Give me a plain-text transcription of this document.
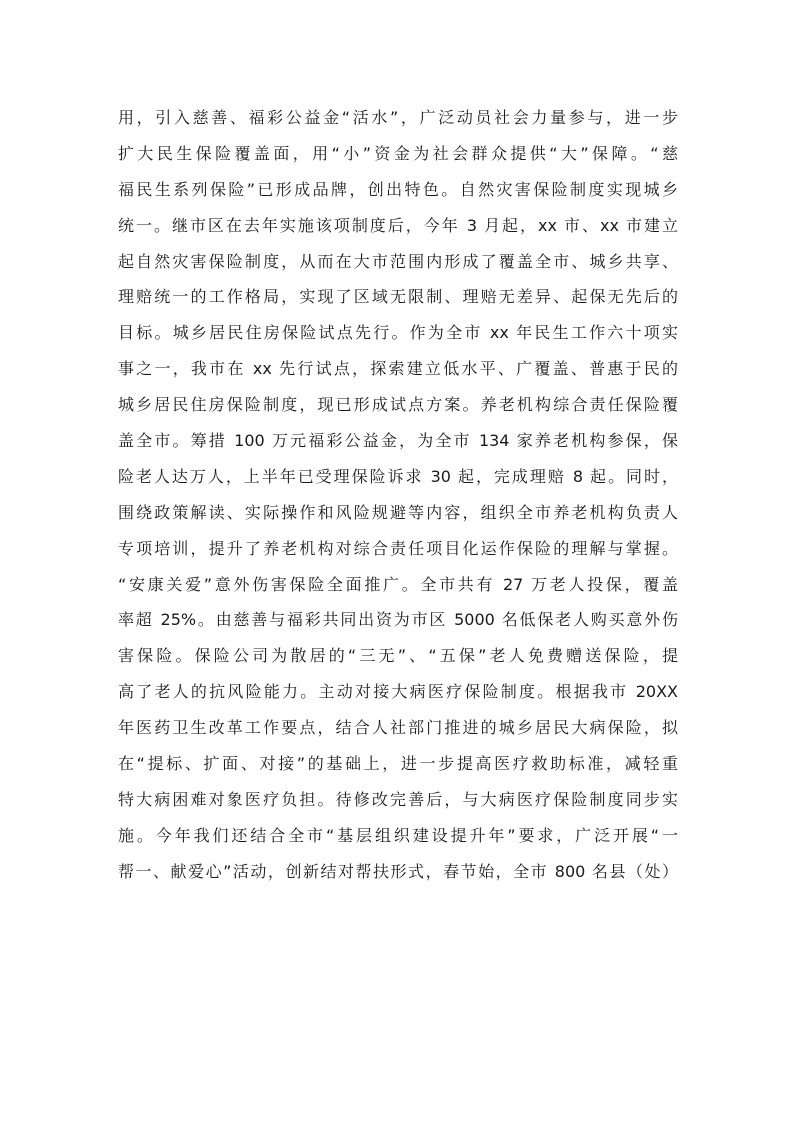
用，引入慈善、福彩公益金“活水”，广泛动员社会力量参与，进一步
扩大民生保险覆盖面，用“小”资金为社会群众提供“大”保障。“慈
福民生系列保险”已形成品牌，创出特色。自然灾害保险制度实现城乡
统一。继市区在去年实施该项制度后，今年 3 月起，xx 市、xx 市建立
起自然灾害保险制度，从而在大市范围内形成了覆盖全市、城乡共享、
理赔统一的工作格局，实现了区域无限制、理赔无差异、起保无先后的
目标。城乡居民住房保险试点先行。作为全市 xx 年民生工作六十项实
事之一，我市在 xx 先行试点，探索建立低水平、广覆盖、普惠于民的
城乡居民住房保险制度，现已形成试点方案。养老机构综合责任保险覆
盖全市。筹措 100 万元福彩公益金，为全市 134 家养老机构参保，保
险老人达万人，上半年已受理保险诉求 30 起，完成理赔 8 起。同时，
围绕政策解读、实际操作和风险规避等内容，组织全市养老机构负责人
专项培训，提升了养老机构对综合责任项目化运作保险的理解与掌握。
“安康关爱”意外伤害保险全面推广。全市共有 27 万老人投保，覆盖
率超 25%。由慈善与福彩共同出资为市区 5000 名低保老人购买意外伤
害保险。保险公司为散居的“三无”、“五保”老人免费赠送保险，提
高了老人的抗风险能力。主动对接大病医疗保险制度。根据我市 20XX
年医药卫生改革工作要点，结合人社部门推进的城乡居民大病保险，拟
在“提标、扩面、对接”的基础上，进一步提高医疗救助标准，减轻重
特大病困难对象医疗负担。待修改完善后，与大病医疗保险制度同步实
施。今年我们还结合全市“基层组织建设提升年”要求，广泛开展“一
帮一、献爱心”活动，创新结对帮扶形式，春节始，全市 800 名县（处）
